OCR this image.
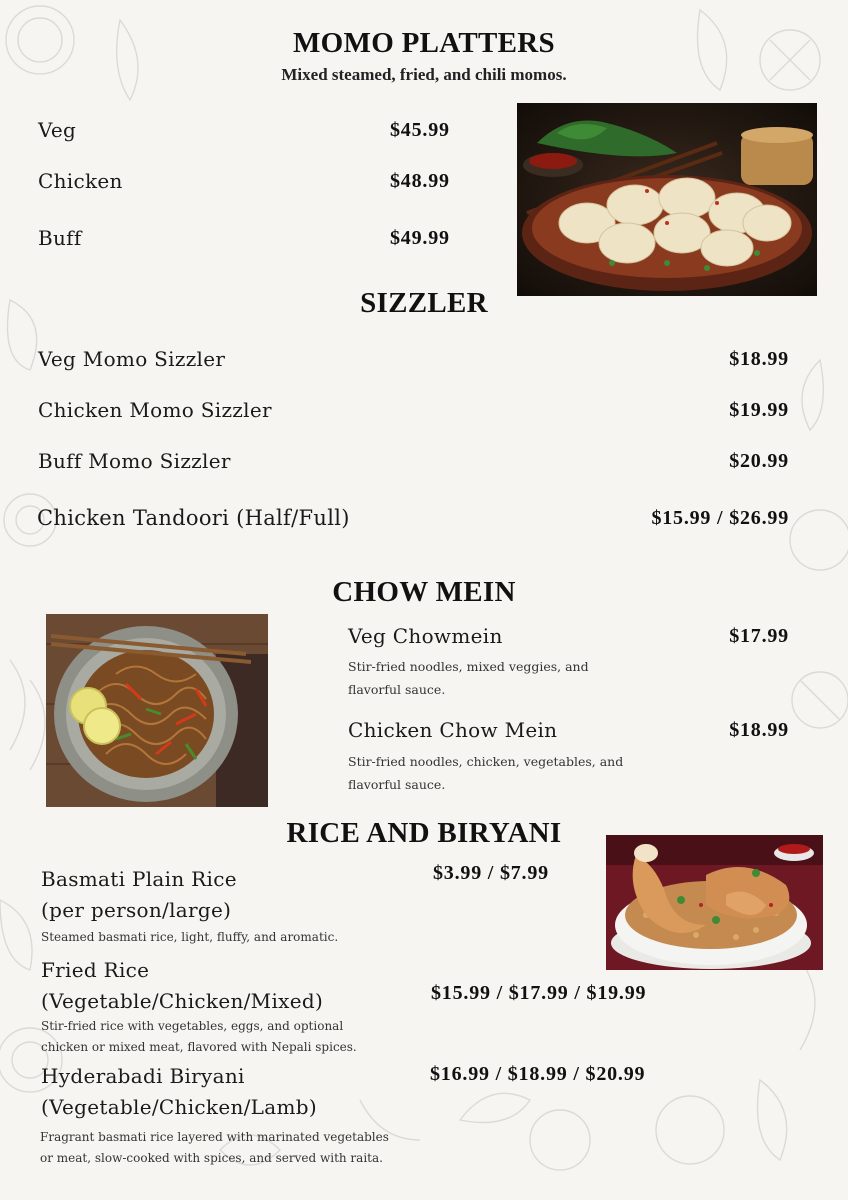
MOMO PLATTERS
Mixed steamed, fried, and chili momos.
Veg	$45.99
Chicken	$48.99
Buff	$49.99
SIZZLER
Veg Momo Sizzler	$18.99
Chicken Momo Sizzler	$19.99
Buff Momo Sizzler	$20.99
Chicken Tandoori (Half/Full)	$15.99 / $26.99
CHOW MEIN
Veg Chowmein	$17.99
Stir-fried noodles, mixed veggies, and
flavorful sauce.
Chicken Chow Mein	$18.99
Stir-fried noodles, chicken, vegetables, and
flavorful sauce.
RICE AND BIRYANI
Basmati Plain Rice
(per person/large)
$3.99 / $7.99
Steamed basmati rice, light, fluffy, and aromatic.
Fried Rice
(Vegetable/Chicken/Mixed)	$15.99 / $17.99 / $19.99
Stir-fried rice with vegetables, eggs, and optional
chicken or mixed meat, flavored with Nepali spices.
Hyderabadi Biryani
(Vegetable/Chicken/Lamb)
$16.99 / $18.99 / $20.99
Fragrant basmati rice layered with marinated vegetables
or meat, slow-cooked with spices, and served with raita.
